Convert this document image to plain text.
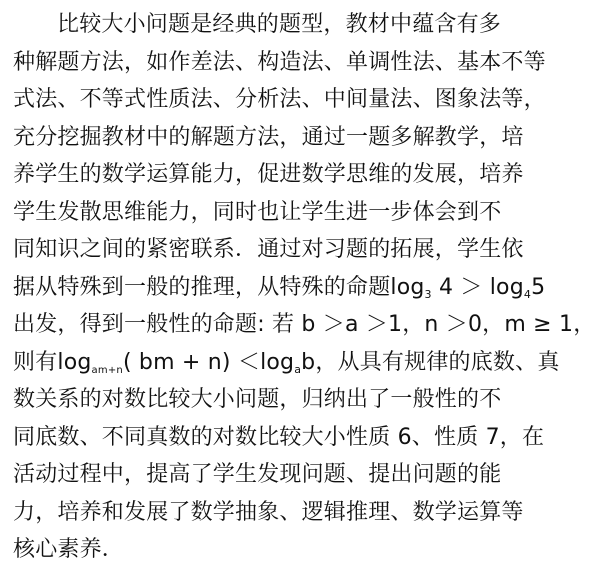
比较大小问题是经典的题型，教材中蕴含有多
种解题方法，如作差法、构造法、单调性法、基本不等
式法、不等式性质法、分析法、中间量法、图象法等，
充分挖掘教材中的解题方法，通过一题多解教学，培
养学生的数学运算能力，促进数学思维的发展，培养
学生发散思维能力，同时也让学生进一步体会到不
同知识之间的紧密联系．通过对习题的拓展，学生依
据从特殊到一般的推理，从特殊的命题$\log_3 4 > \log_45$
出发，得到一般性的命题: 若 b ＞a ＞1，n ＞0，m ≥ 1，
则有$\log_{am+n}$( bm + $n) <\log_ab$，从具有规律的底数、真
数关系的对数比较大小问题，归纳出了一般性的不
同底数、不同真数的对数比较大小性质 6、性质 7，在
活动过程中，提高了学生发现问题、提出问题的能
力，培养和发展了数学抽象、逻辑推理、数学运算等
核心素养．
